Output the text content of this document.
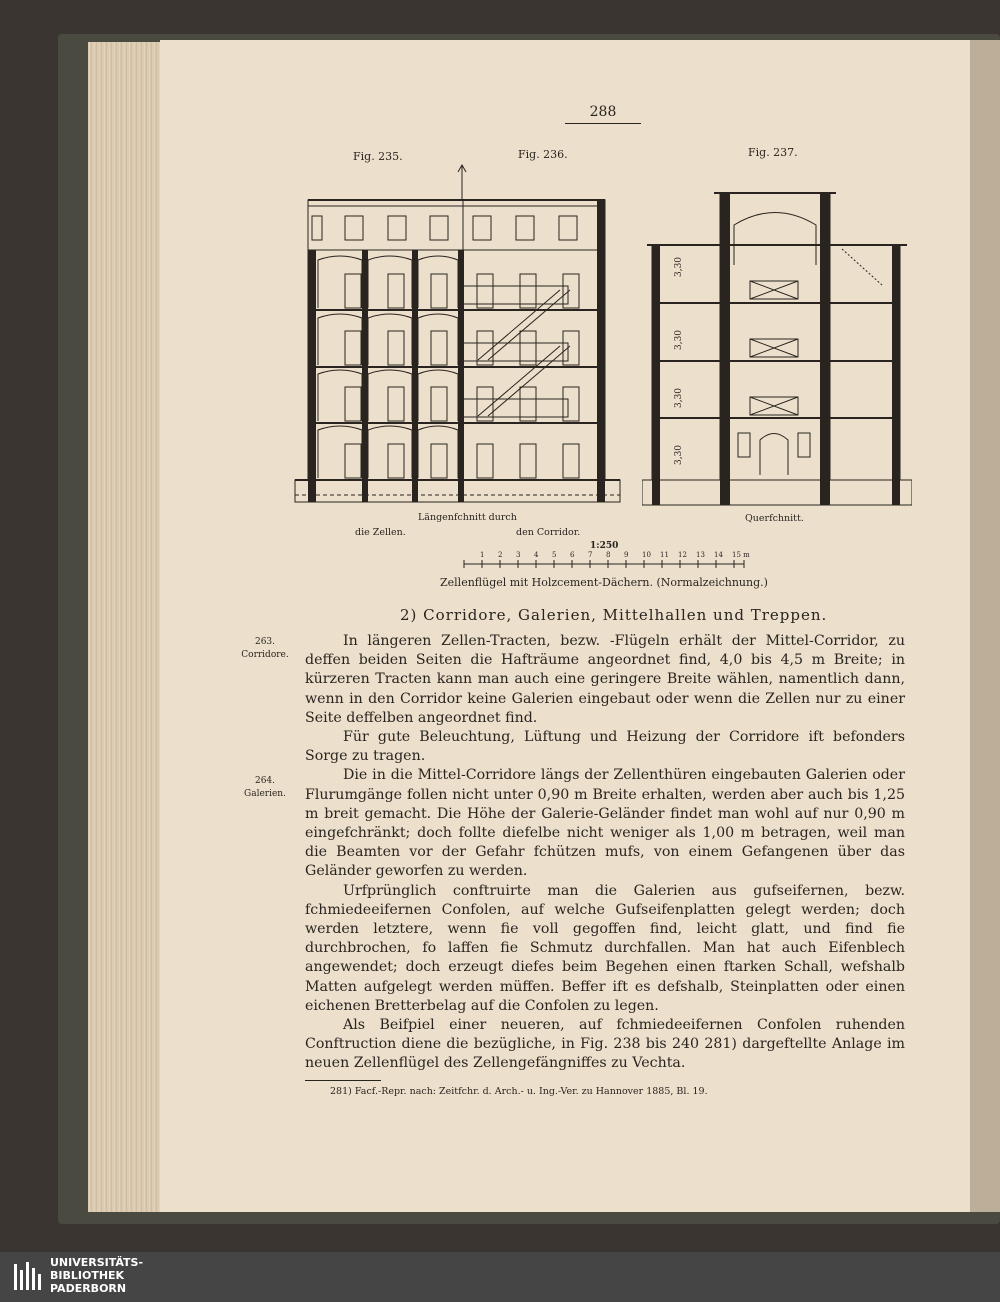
288
Fig. 235.	Fig. 236.	Fig. 237.
3,30
3,30
3,30
3,30
Längenfchnitt durch
die Zellen.	den Corridor.
Querfchnitt.
1:250
1 2 3 4 5 6 7 8 9 10 11 12 13 14 15 m
Zellenflügel mit Holzcement-Dächern. (Normalzeichnung.)
2) Corridore, Galerien, Mittelhallen und Treppen.
263.
Corridore.
264.
Galerien.

In längeren Zellen-Tracten, bezw. -Flügeln erhält der Mittel-Corridor, zu deffen beiden Seiten die Hafträume angeordnet find, 4,0 bis 4,5 m Breite; in kürzeren Tracten kann man auch eine geringere Breite wählen, namentlich dann, wenn in den Corridor keine Galerien eingebaut oder wenn die Zellen nur zu einer Seite deffelben angeordnet find.

Für gute Beleuchtung, Lüftung und Heizung der Corridore ift befonders Sorge zu tragen.

Die in die Mittel-Corridore längs der Zellenthüren eingebauten Galerien oder Flurumgänge follen nicht unter 0,90 m Breite erhalten, werden aber auch bis 1,25 m breit gemacht. Die Höhe der Galerie-Geländer findet man wohl auf nur 0,90 m eingefchränkt; doch follte diefelbe nicht weniger als 1,00 m betragen, weil man die Beamten vor der Gefahr fchützen mufs, von einem Gefangenen über das Geländer geworfen zu werden.

Urfprünglich conftruirte man die Galerien aus gufseifernen, bezw. fchmiedeeifernen Confolen, auf welche Gufseifenplatten gelegt werden; doch werden letztere, wenn fie voll gegoffen find, leicht glatt, und find fie durchbrochen, fo laffen fie Schmutz durchfallen. Man hat auch Eifenblech angewendet; doch erzeugt diefes beim Begehen einen ftarken Schall, wefshalb Matten aufgelegt werden müffen. Beffer ift es defshalb, Steinplatten oder einen eichenen Bretterbelag auf die Confolen zu legen.

Als Beifpiel einer neueren, auf fchmiedeeifernen Confolen ruhenden Conftruction diene die bezügliche, in Fig. 238 bis 240 281) dargeftellte Anlage im neuen Zellenflügel des Zellengefängniffes zu Vechta.

281) Facf.-Repr. nach: Zeitfchr. d. Arch.- u. Ing.-Ver. zu Hannover 1885, Bl. 19.
UNIVERSITÄTS-
BIBLIOTHEK
PADERBORN
